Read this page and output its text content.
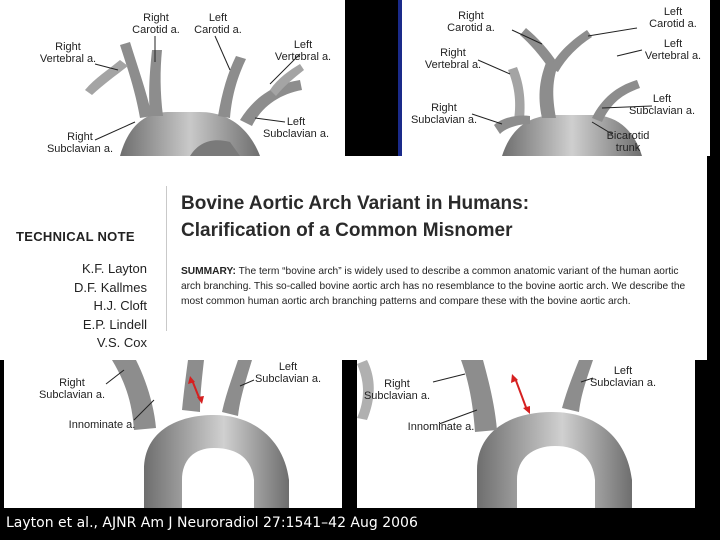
Right
Carotid a.
Left
Carotid a.
Right
Vertebral a.
Left
Vertebral a.
Right
Subclavian a.
Left
Subclavian a.
Right
Carotid a.
Left
Carotid a.
Left
Vertebral a.
Right
Vertebral a.
Right
Subclavian a.
Left
Subclavian a.
Bicarotid
trunk
Right
Subclavian a.
Left
Subclavian a.
Innominate a.
Right
Subclavian a.
Left
Subclavian a.
Innominate a.
TECHNICAL NOTE
Bovine Aortic Arch Variant in Humans:
Clarification of a Common Misnomer
K.F. Layton
D.F. Kallmes
H.J. Cloft
E.P. Lindell
V.S. Cox
SUMMARY: The term “bovine arch” is widely used to describe a common anatomic variant of the human aortic arch branching. This so-called bovine aortic arch has no resemblance to the bovine aortic arch. We describe the most common human aortic arch branching patterns and compare these with the bovine aortic arch.
Layton et al., AJNR Am J Neuroradiol 27:1541–42 Aug 2006
